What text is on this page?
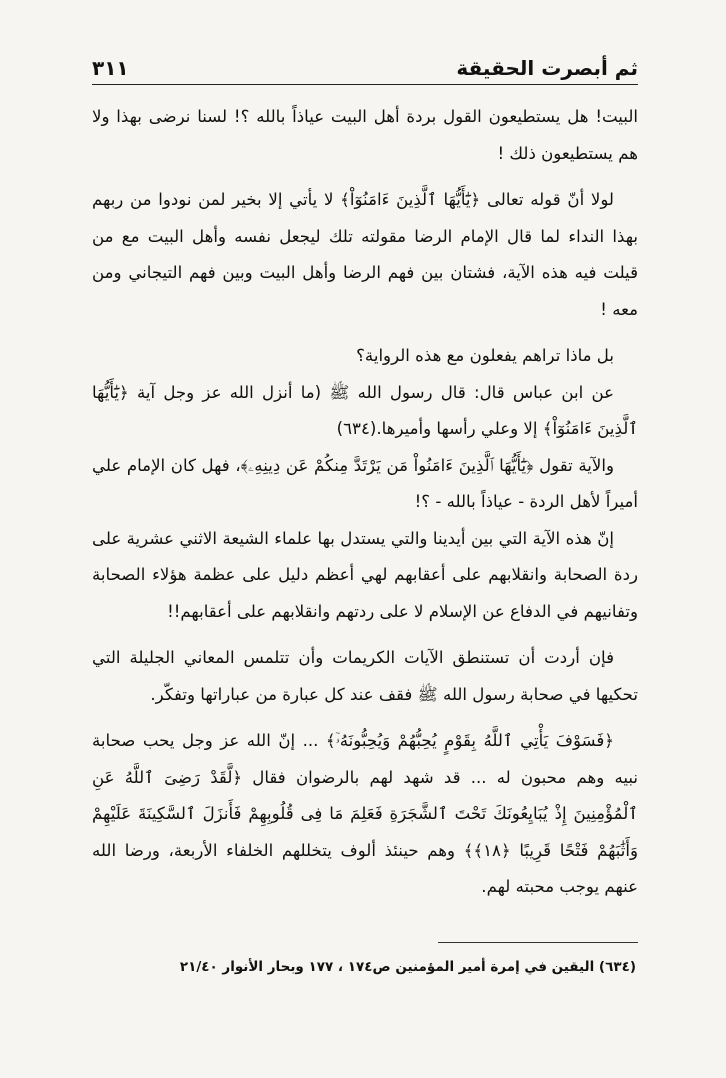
ثم أبصرت الحقيقة
٣١١

البيت! هل يستطيعون القول بردة أهل البيت عياذاً بالله ؟! لسنا نرضى بهذا ولا هم يستطيعون ذلك !

لولا أنّ قوله تعالى ﴿يَٰٓأَيُّهَا ٱلَّذِينَ ءَامَنُوٓاْ﴾ لا يأتي إلا بخير لمن نودوا من ربهم بهذا النداء لما قال الإمام الرضا مقولته تلك ليجعل نفسه وأهل البيت مع من قيلت فيه هذه الآية، فشتان بين فهم الرضا وأهل البيت وبين فهم التيجاني ومن معه !

بل ماذا تراهم يفعلون مع هذه الرواية؟

عن ابن عباس قال: قال رسول الله ﷺ (ما أنزل الله عز وجل آية ﴿يَٰٓأَيُّهَا ٱلَّذِينَ ءَامَنُوٓاْ﴾ إلا وعلي رأسها وأميرها.(٦٣٤)

والآية تقول ﴿يَٰٓأَيُّهَا ٱلَّذِينَ ءَامَنُواْ مَن يَرْتَدَّ مِنكُمْ عَن دِينِهِۦ﴾، فهل كان الإمام علي أميراً لأهل الردة - عياذاً بالله - ؟!

إنّ هذه الآية التي بين أيدينا والتي يستدل بها علماء الشيعة الاثني عشرية على ردة الصحابة وانقلابهم على أعقابهم لهي أعظم دليل على عظمة هؤلاء الصحابة وتفانيهم في الدفاع عن الإسلام لا على ردتهم وانقلابهم على أعقابهم!!

فإن أردت أن تستنطق الآيات الكريمات وأن تتلمس المعاني الجليلة التي تحكيها في صحابة رسول الله ﷺ فقف عند كل عبارة من عباراتها وتفكّر.

﴿فَسَوْفَ يَأْتِي ٱللَّهُ بِقَوْمٍ يُحِبُّهُمْ وَيُحِبُّونَهُۥٓ﴾ ... إنّ الله عز وجل يحب صحابة نبيه وهم محبون له ... قد شهد لهم بالرضوان فقال ﴿لَّقَدْ رَضِىَ ٱللَّهُ عَنِ ٱلْمُؤْمِنِينَ إِذْ يُبَايِعُونَكَ تَحْتَ ٱلشَّجَرَةِ فَعَلِمَ مَا فِى قُلُوبِهِمْ فَأَنزَلَ ٱلسَّكِينَةَ عَلَيْهِمْ وَأَثَٰبَهُمْ فَتْحًا قَرِيبًا ﴿١٨﴾﴾ وهم حينئذ ألوف يتخللهم الخلفاء الأربعة، ورضا الله عنهم يوجب محبته لهم.

(٦٣٤) اليقين في إمرة أمير المؤمنين ص١٧٤ ، ١٧٧ وبحار الأنوار ٢١/٤٠
